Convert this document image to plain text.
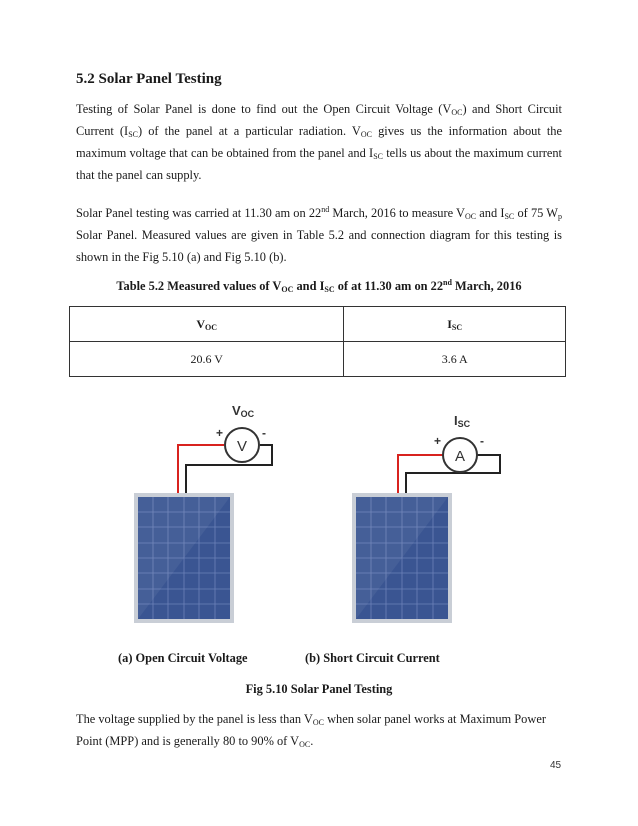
5.2 Solar Panel Testing

Testing of Solar Panel is done to find out the Open Circuit Voltage $(V_{OC})$ and Short Circuit Current $(I_{SC})$ of the panel at a particular radiation. $V_{OC}$ gives us the information about the maximum voltage that can be obtained from the panel and $I_{SC}$ tells us about the maximum current that the panel can supply.

Solar Panel testing was carried at 11.30 am on 22nd March, 2016 to measure $V_{OC}$ and $I_{SC}$ of 75 $W_p$ Solar Panel. Measured values are given in Table 5.2 and connection diagram for this testing is shown in the Fig 5.10 (a) and Fig 5.10 (b).

Table 5.2 Measured values of $V_{OC}$ and $I_{SC}$ of at 11.30 am on 22nd March, 2016
$V_{OC}$	$I_{SC}$
20.6 V	3.6 A
V
VOC
+	-
A
ISC
+	-
(a) Open Circuit Voltage	(b) Short Circuit Current
Fig 5.10 Solar Panel Testing

The voltage supplied by the panel is less than $V_{OC}$ when solar panel works at Maximum Power Point (MPP) and is generally 80 to 90% of $V_{OC}$.

45
